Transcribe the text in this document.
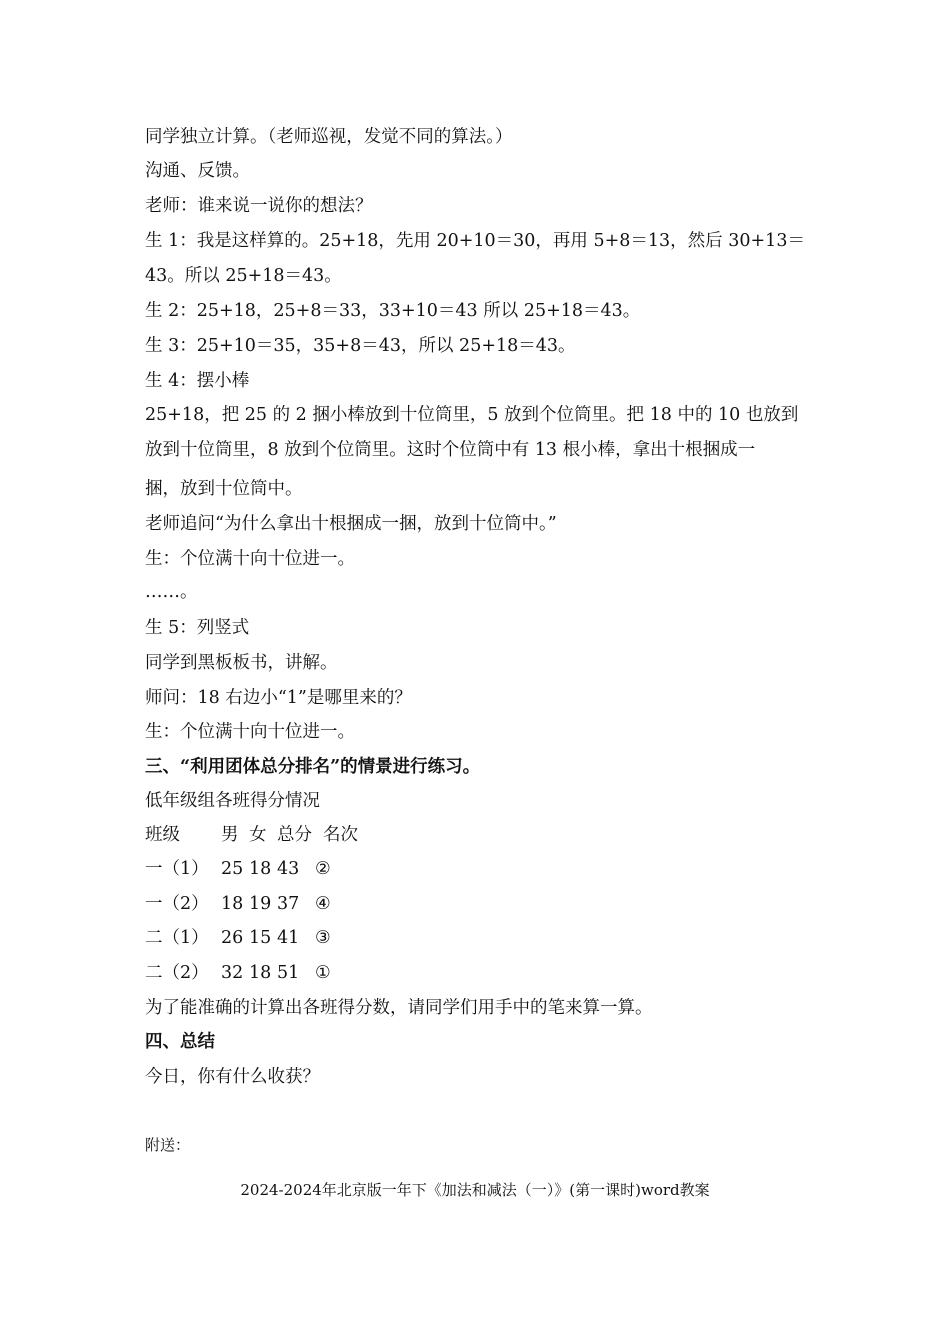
同学独立计算。（老师巡视，发觉不同的算法。）
沟通、反馈。
老师：谁来说一说你的想法？
生 1：我是这样算的。25+18，先用 20+10＝30，再用 5+8＝13，然后 30+13＝
43。所以 25+18＝43。
生 2：25+18，25+8＝33，33+10＝43 所以 25+18＝43。
生 3：25+10＝35，35+8＝43，所以 25+18＝43。
生 4：摆小棒
25+18，把 25 的 2 捆小棒放到十位筒里，5 放到个位筒里。把 18 中的 10 也放到
放到十位筒里，8 放到个位筒里。这时个位筒中有 13 根小棒，拿出十根捆成一
捆，放到十位筒中。
老师追问“为什么拿出十根捆成一捆，放到十位筒中。”
生：个位满十向十位进一。
……。
生 5：列竖式
同学到黑板板书，讲解。
师问：18 右边小“1”是哪里来的？
生：个位满十向十位进一。
三、“利用团体总分排名”的情景进行练习。
低年级组各班得分情况
班级 男 女 总分 名次
一（1） 25 18 43 ②
一（2） 18 19 37 ④
二（1） 26 15 41 ③
二（2） 32 18 51 ①
为了能准确的计算出各班得分数，请同学们用手中的笔来算一算。
四、总结
今日，你有什么收获？
附送：
2024-2024年北京版一年下《加法和减法（一）》(第一课时)word教案
